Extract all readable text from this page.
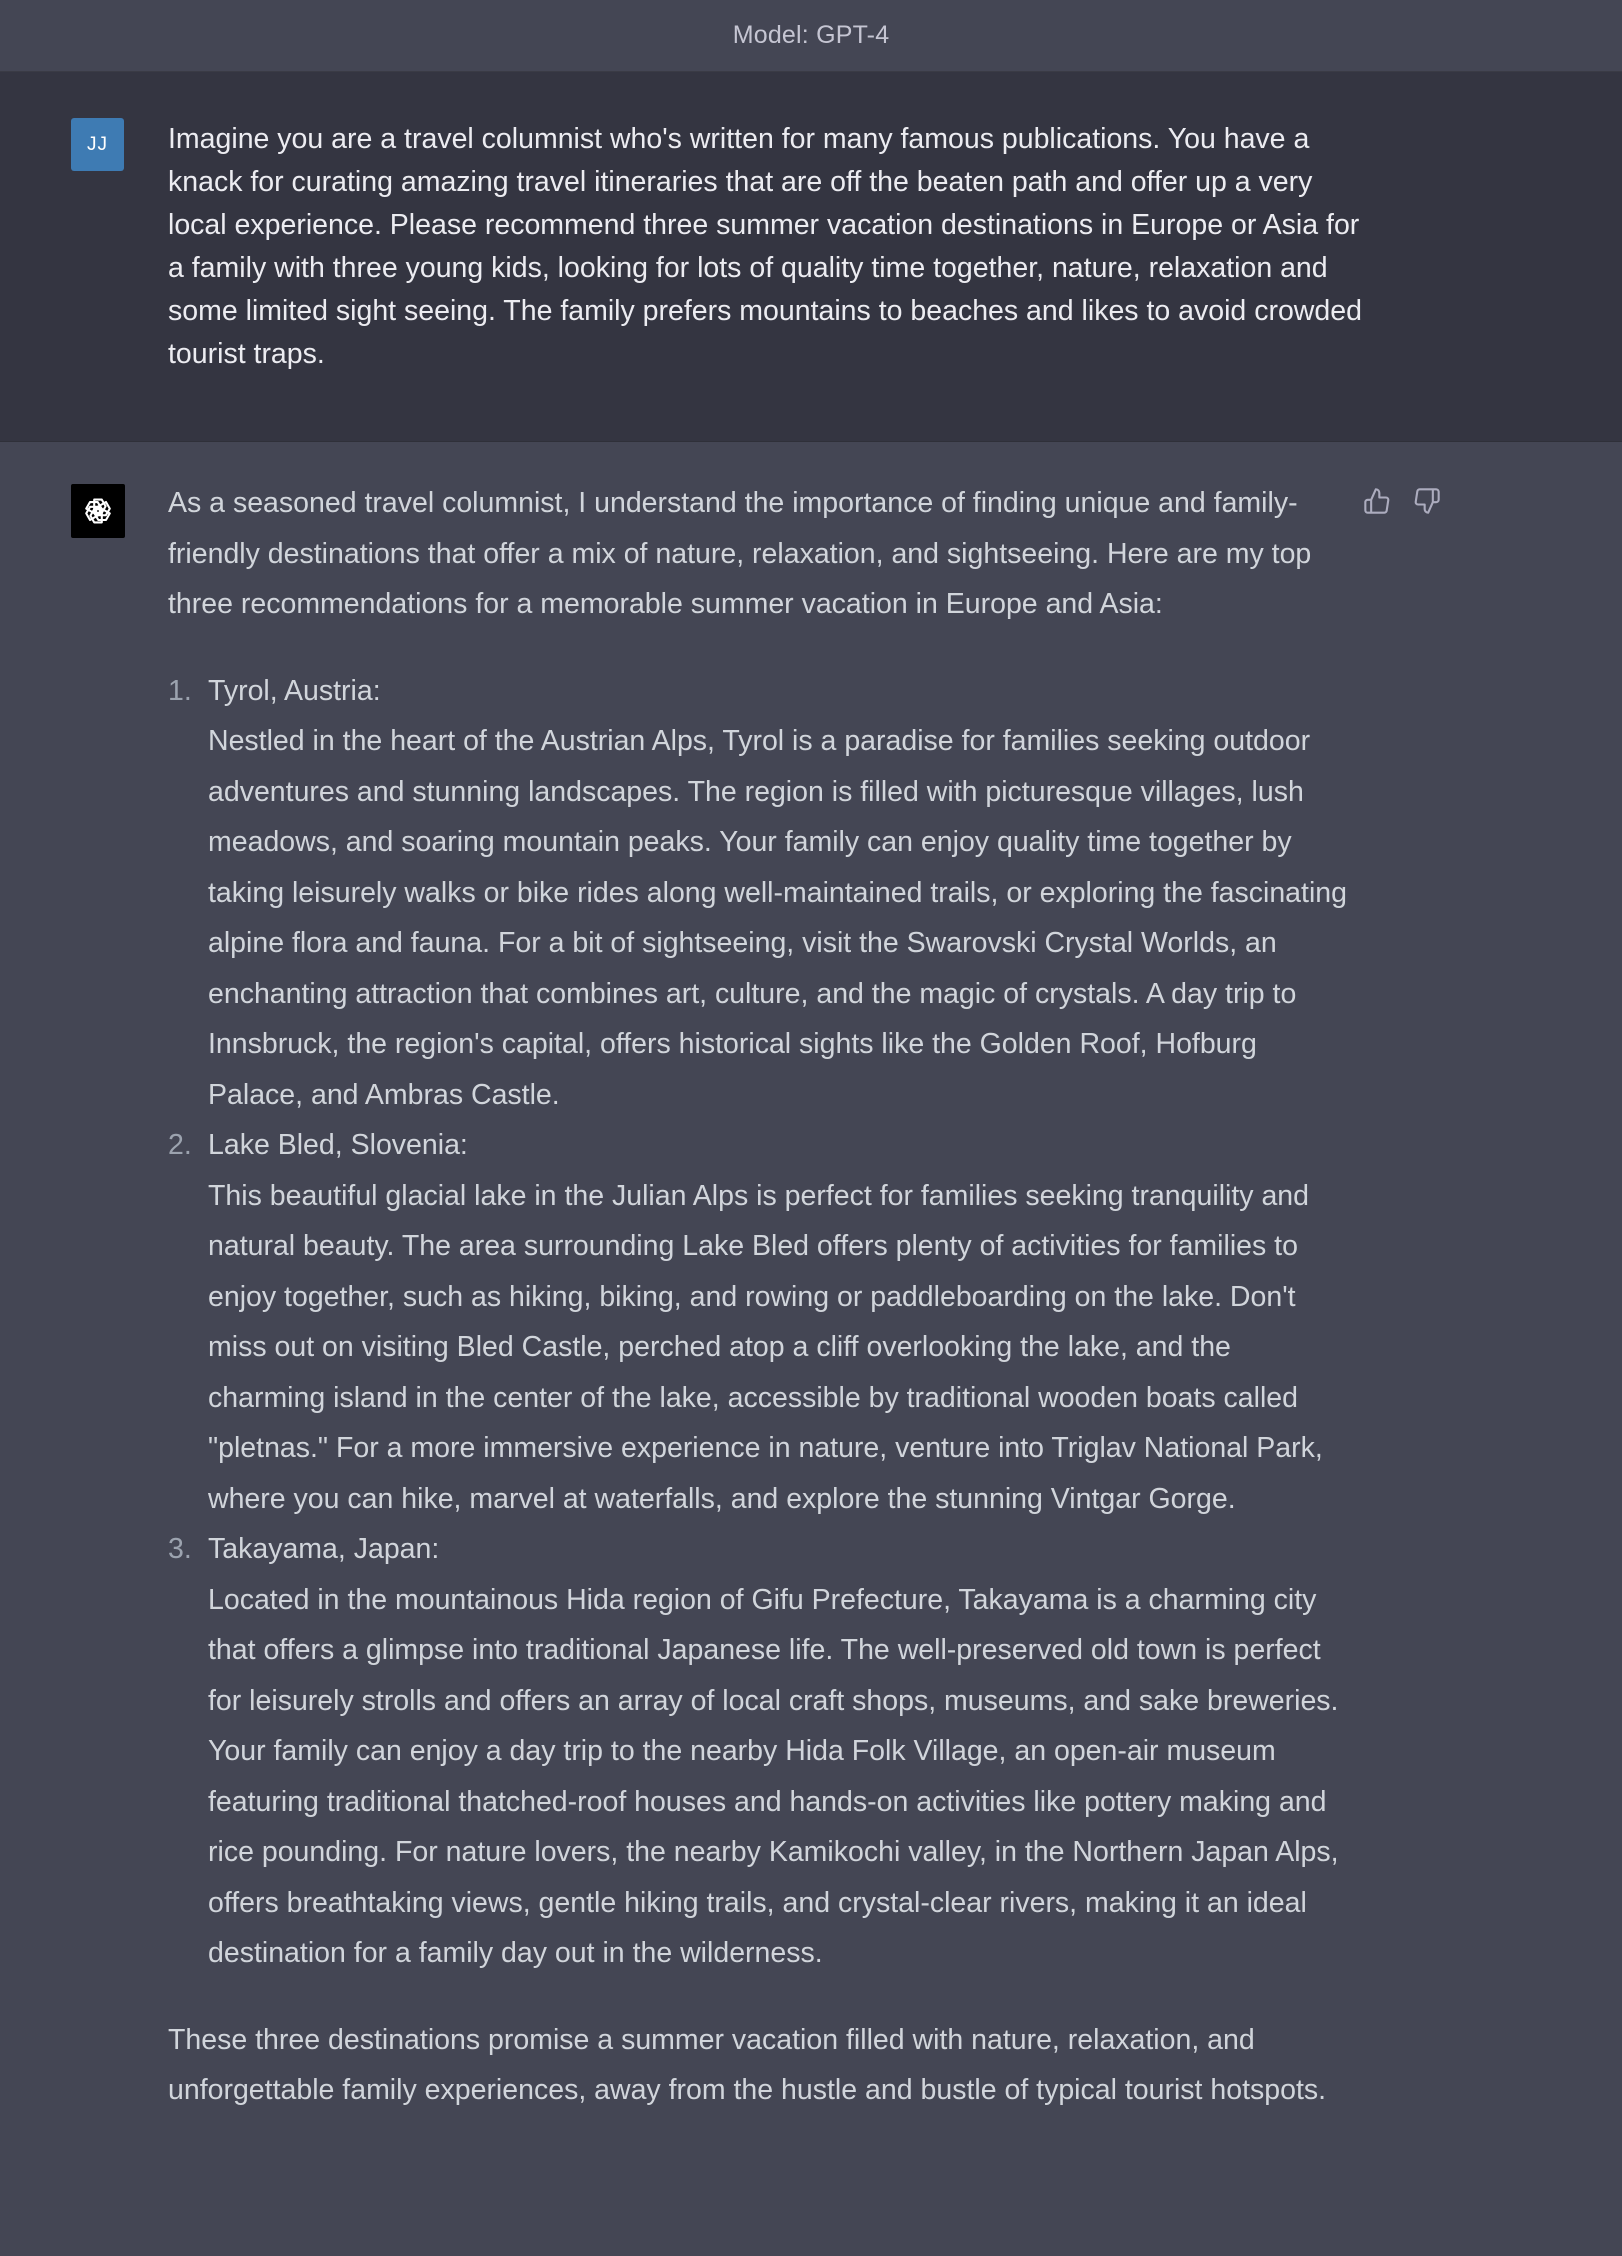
Model: GPT-4
JJ Imagine you are a travel columnist who's written for many famous publications. You have a knack for curating amazing travel itineraries that are off the beaten path and offer up a very local experience. Please recommend three summer vacation destinations in Europe or Asia for a family with three young kids, looking for lots of quality time together, nature, relaxation and some limited sight seeing. The family prefers mountains to beaches and likes to avoid crowded tourist traps.

As a seasoned travel columnist, I understand the importance of finding unique and family-friendly destinations that offer a mix of nature, relaxation, and sightseeing. Here are my top three recommendations for a memorable summer vacation in Europe and Asia:

1. Tyrol, Austria:
Nestled in the heart of the Austrian Alps, Tyrol is a paradise for families seeking outdoor adventures and stunning landscapes. The region is filled with picturesque villages, lush meadows, and soaring mountain peaks. Your family can enjoy quality time together by taking leisurely walks or bike rides along well-maintained trails, or exploring the fascinating alpine flora and fauna. For a bit of sightseeing, visit the Swarovski Crystal Worlds, an enchanting attraction that combines art, culture, and the magic of crystals. A day trip to Innsbruck, the region's capital, offers historical sights like the Golden Roof, Hofburg Palace, and Ambras Castle.
2. Lake Bled, Slovenia:
This beautiful glacial lake in the Julian Alps is perfect for families seeking tranquility and natural beauty. The area surrounding Lake Bled offers plenty of activities for families to enjoy together, such as hiking, biking, and rowing or paddleboarding on the lake. Don't miss out on visiting Bled Castle, perched atop a cliff overlooking the lake, and the charming island in the center of the lake, accessible by traditional wooden boats called "pletnas." For a more immersive experience in nature, venture into Triglav National Park, where you can hike, marvel at waterfalls, and explore the stunning Vintgar Gorge.
3. Takayama, Japan:
Located in the mountainous Hida region of Gifu Prefecture, Takayama is a charming city that offers a glimpse into traditional Japanese life. The well-preserved old town is perfect for leisurely strolls and offers an array of local craft shops, museums, and sake breweries. Your family can enjoy a day trip to the nearby Hida Folk Village, an open-air museum featuring traditional thatched-roof houses and hands-on activities like pottery making and rice pounding. For nature lovers, the nearby Kamikochi valley, in the Northern Japan Alps, offers breathtaking views, gentle hiking trails, and crystal-clear rivers, making it an ideal destination for a family day out in the wilderness.

These three destinations promise a summer vacation filled with nature, relaxation, and unforgettable family experiences, away from the hustle and bustle of typical tourist hotspots.
